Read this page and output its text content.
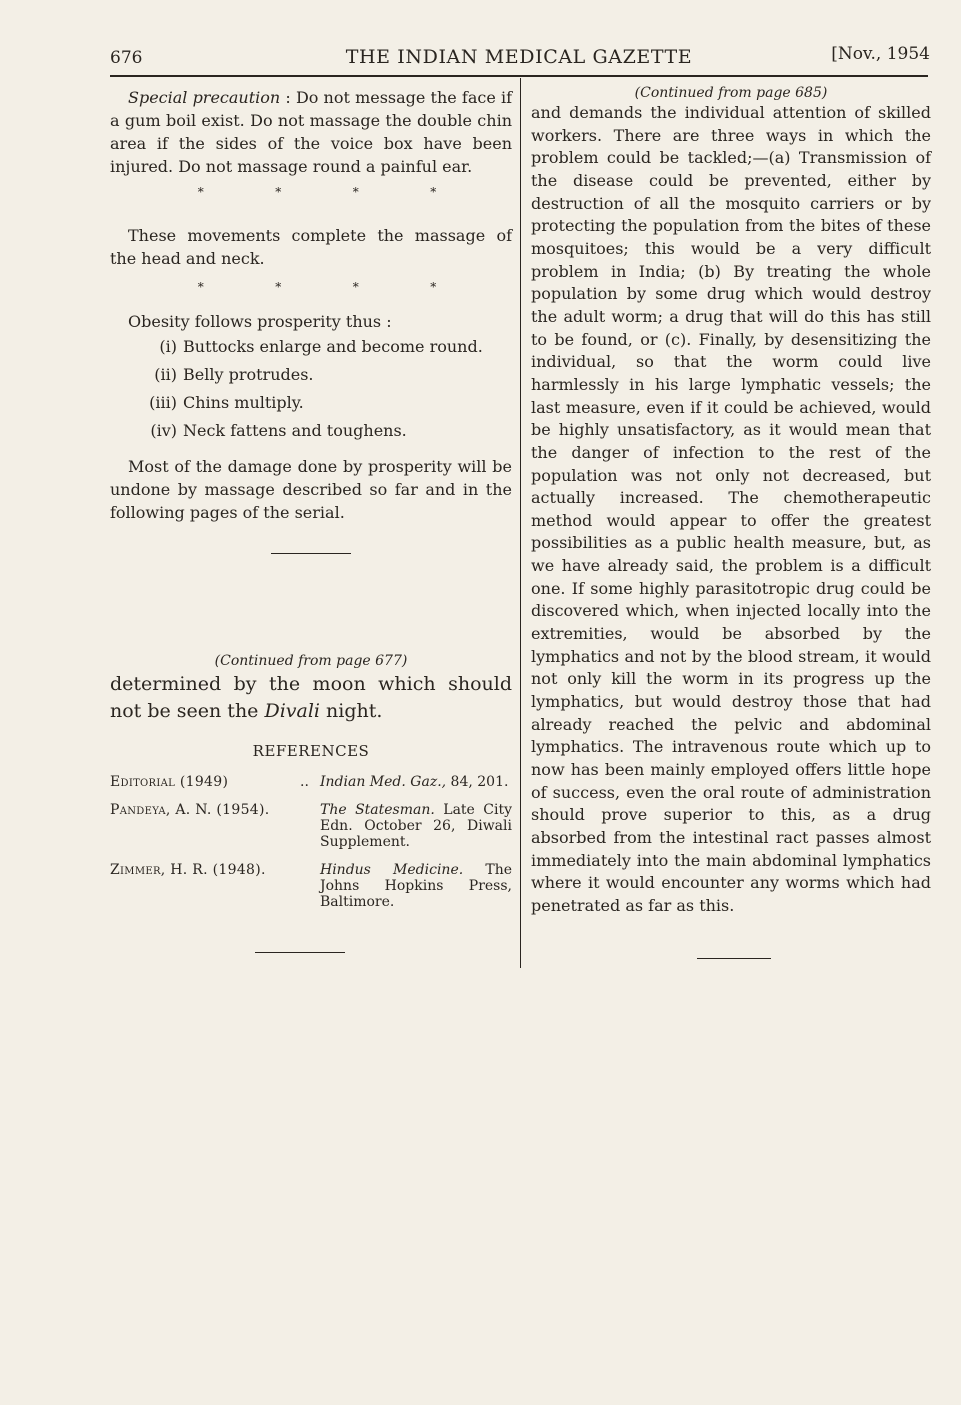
676	THE INDIAN MEDICAL GAZETTE	[Nov., 1954

Special precaution : Do not message the face if a gum boil exist. Do not massage the double chin area if the sides of the voice box have been injured. Do not massage round a painful ear.

*	*	*	*

These movements complete the massage of the head and neck.

*	*	*	*

Obesity follows prosperity thus :

(i) Buttocks enlarge and become round.
(ii) Belly protrudes.
(iii) Chins multiply.
(iv) Neck fattens and toughens.

Most of the damage done by prosperity will be undone by massage described so far and in the following pages of the serial.

(Continued from page 677)

determined by the moon which should not be seen the Divali night.

REFERENCES
Editorial (1949)	.. Indian Med. Gaz., 84, 201.
Pandeya, A. N. (1954).	The Statesman. Late City Edn. October 26, Diwali Supplement.
Zimmer, H. R. (1948).	Hindus Medicine. The Johns Hopkins Press, Baltimore.
(Continued from page 685)

and demands the individual attention of skilled workers. There are three ways in which the problem could be tackled;—(a) Transmission of the disease could be prevented, either by destruction of all the mosquito carriers or by protecting the population from the bites of these mosquitoes; this would be a very difficult problem in India; (b) By treating the whole population by some drug which would destroy the adult worm; a drug that will do this has still to be found, or (c). Finally, by desensitizing the individual, so that the worm could live harmlessly in his large lymphatic vessels; the last measure, even if it could be achieved, would be highly unsatisfactory, as it would mean that the danger of infection to the rest of the population was not only not decreased, but actually increased. The chemotherapeutic method would appear to offer the greatest possibilities as a public health measure, but, as we have already said, the problem is a difficult one. If some highly parasitotropic drug could be discovered which, when injected locally into the extremities, would be absorbed by the lymphatics and not by the blood stream, it would not only kill the worm in its progress up the lymphatics, but would destroy those that had already reached the pelvic and abdominal lymphatics. The intravenous route which up to now has been mainly employed offers little hope of success, even the oral route of administration should prove superior to this, as a drug absorbed from the intestinal ract passes almost immediately into the main abdominal lymphatics where it would encounter any worms which had penetrated as far as this.
